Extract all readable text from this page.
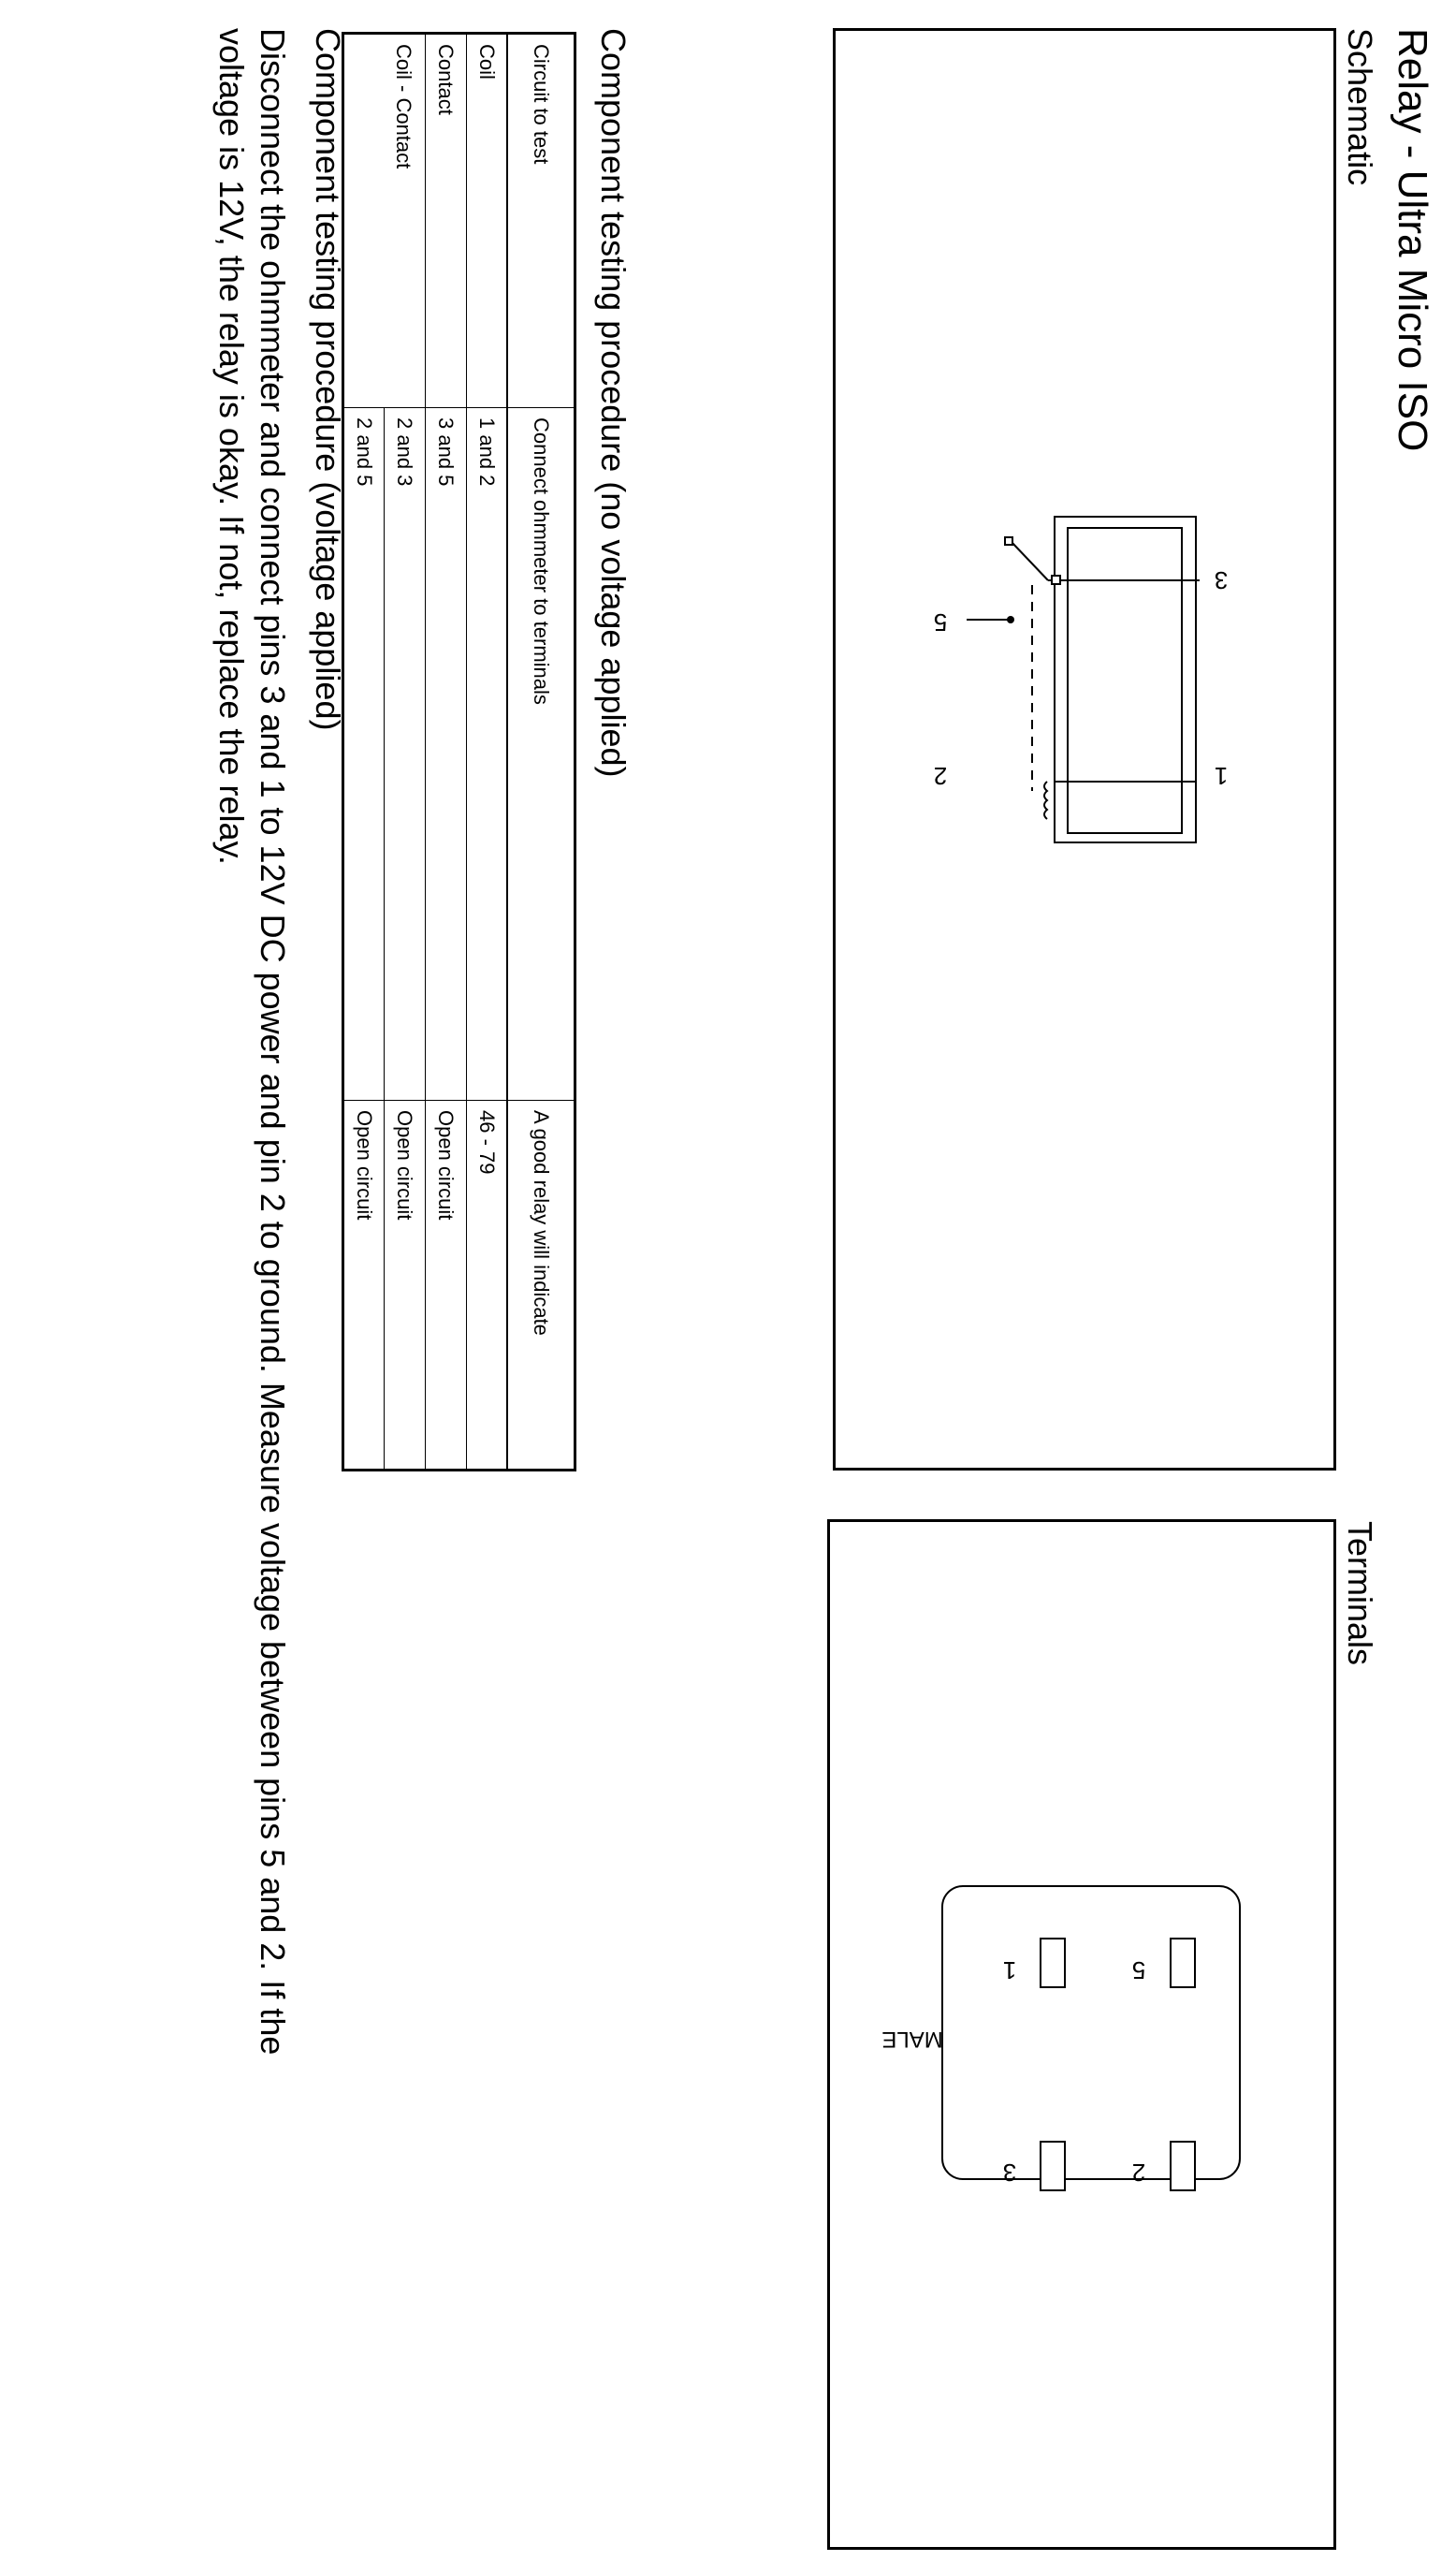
Relay - Ultra Micro ISO
Schematic
3
5
2	1
Terminals
5
2
1
3
MALE
Component testing procedure (no voltage applied)
Circuit to test	Connect ohmmeter to terminals	A good relay will indicate
Coil	1 and 2	46 - 79
Contact	3 and 5	Open circuit
Coil - Contact	2 and 3	Open circuit
	2 and 5	Open circuit
Component testing procedure (voltage applied)
Disconnect the ohmmeter and connect pins 3 and 1 to 12V DC power and pin 2 to ground. Measure voltage between pins 5 and 2. If the
voltage is 12V, the relay is okay. If not, replace the relay.
